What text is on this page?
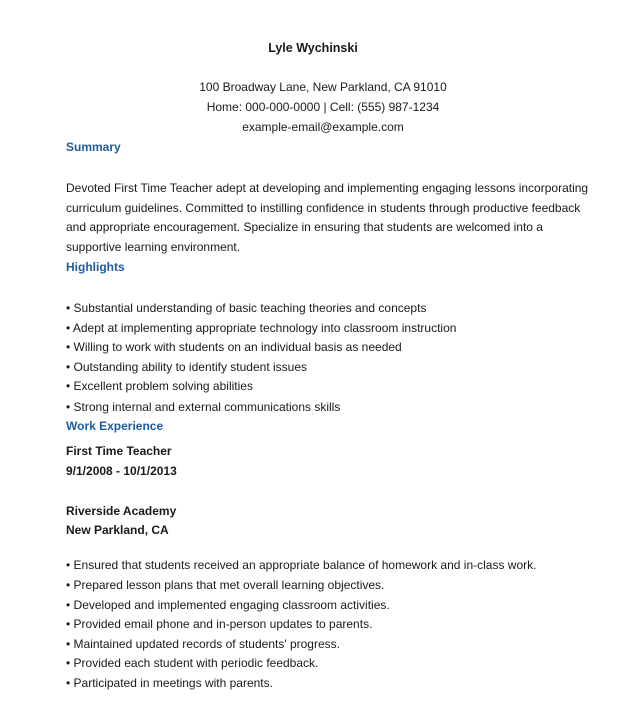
Lyle Wychinski
100 Broadway Lane, New Parkland, CA 91010
Home: 000-000-0000 | Cell: (555) 987-1234
example-email@example.com
Summary
Devoted First Time Teacher adept at developing and implementing engaging lessons incorporating
curriculum guidelines. Committed to instilling confidence in students through productive feedback
and appropriate encouragement. Specialize in ensuring that students are welcomed into a
supportive learning environment.
Highlights
• Substantial understanding of basic teaching theories and concepts
• Adept at implementing appropriate technology into classroom instruction
• Willing to work with students on an individual basis as needed
• Outstanding ability to identify student issues
• Excellent problem solving abilities
• Strong internal and external communications skills
Work Experience
First Time Teacher
9/1/2008 - 10/1/2013
Riverside Academy
New Parkland, CA
• Ensured that students received an appropriate balance of homework and in-class work.
• Prepared lesson plans that met overall learning objectives.
• Developed and implemented engaging classroom activities.
• Provided email phone and in-person updates to parents.
• Maintained updated records of students' progress.
• Provided each student with periodic feedback.
• Participated in meetings with parents.
